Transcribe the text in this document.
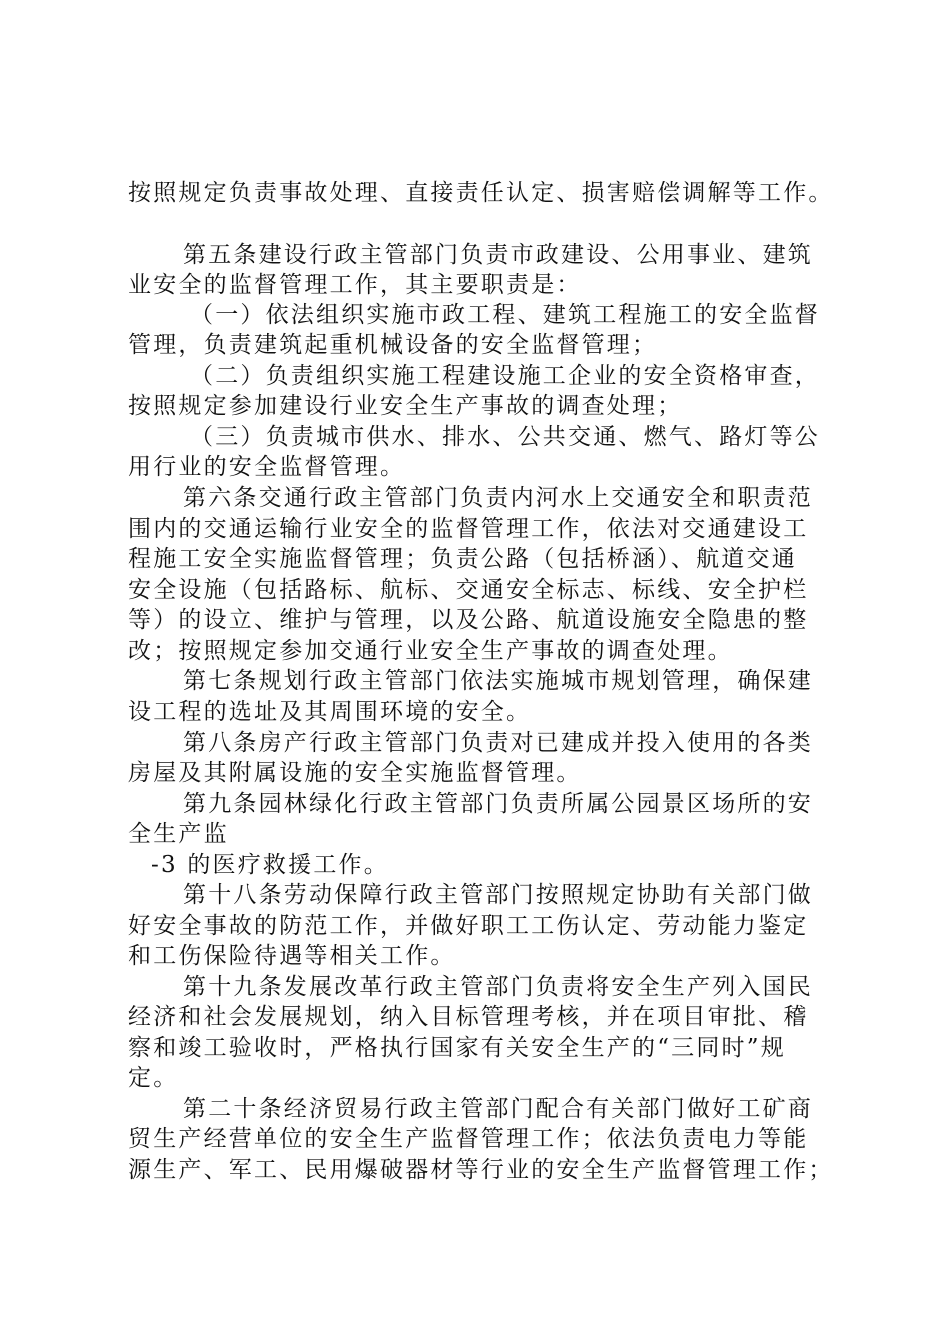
按照规定负责事故处理、直接责任认定、损害赔偿调解等工作。
第五条建设行政主管部门负责市政建设、公用事业、建筑
业安全的监督管理工作，其主要职责是：
（一）依法组织实施市政工程、建筑工程施工的安全监督
管理，负责建筑起重机械设备的安全监督管理；
（二）负责组织实施工程建设施工企业的安全资格审查，
按照规定参加建设行业安全生产事故的调查处理；
（三）负责城市供水、排水、公共交通、燃气、路灯等公
用行业的安全监督管理。
第六条交通行政主管部门负责内河水上交通安全和职责范
围内的交通运输行业安全的监督管理工作，依法对交通建设工
程施工安全实施监督管理；负责公路（包括桥涵）、航道交通
安全设施（包括路标、航标、交通安全标志、标线、安全护栏
等）的设立、维护与管理，以及公路、航道设施安全隐患的整
改；按照规定参加交通行业安全生产事故的调查处理。
第七条规划行政主管部门依法实施城市规划管理，确保建
设工程的选址及其周围环境的安全。
第八条房产行政主管部门负责对已建成并投入使用的各类
房屋及其附属设施的安全实施监督管理。
第九条园林绿化行政主管部门负责所属公园景区场所的安
全生产监
-3 的医疗救援工作。
第十八条劳动保障行政主管部门按照规定协助有关部门做
好安全事故的防范工作，并做好职工工伤认定、劳动能力鉴定
和工伤保险待遇等相关工作。
第十九条发展改革行政主管部门负责将安全生产列入国民
经济和社会发展规划，纳入目标管理考核，并在项目审批、稽
察和竣工验收时，严格执行国家有关安全生产的“三同时”规
定。
第二十条经济贸易行政主管部门配合有关部门做好工矿商
贸生产经营单位的安全生产监督管理工作；依法负责电力等能
源生产、军工、民用爆破器材等行业的安全生产监督管理工作；
